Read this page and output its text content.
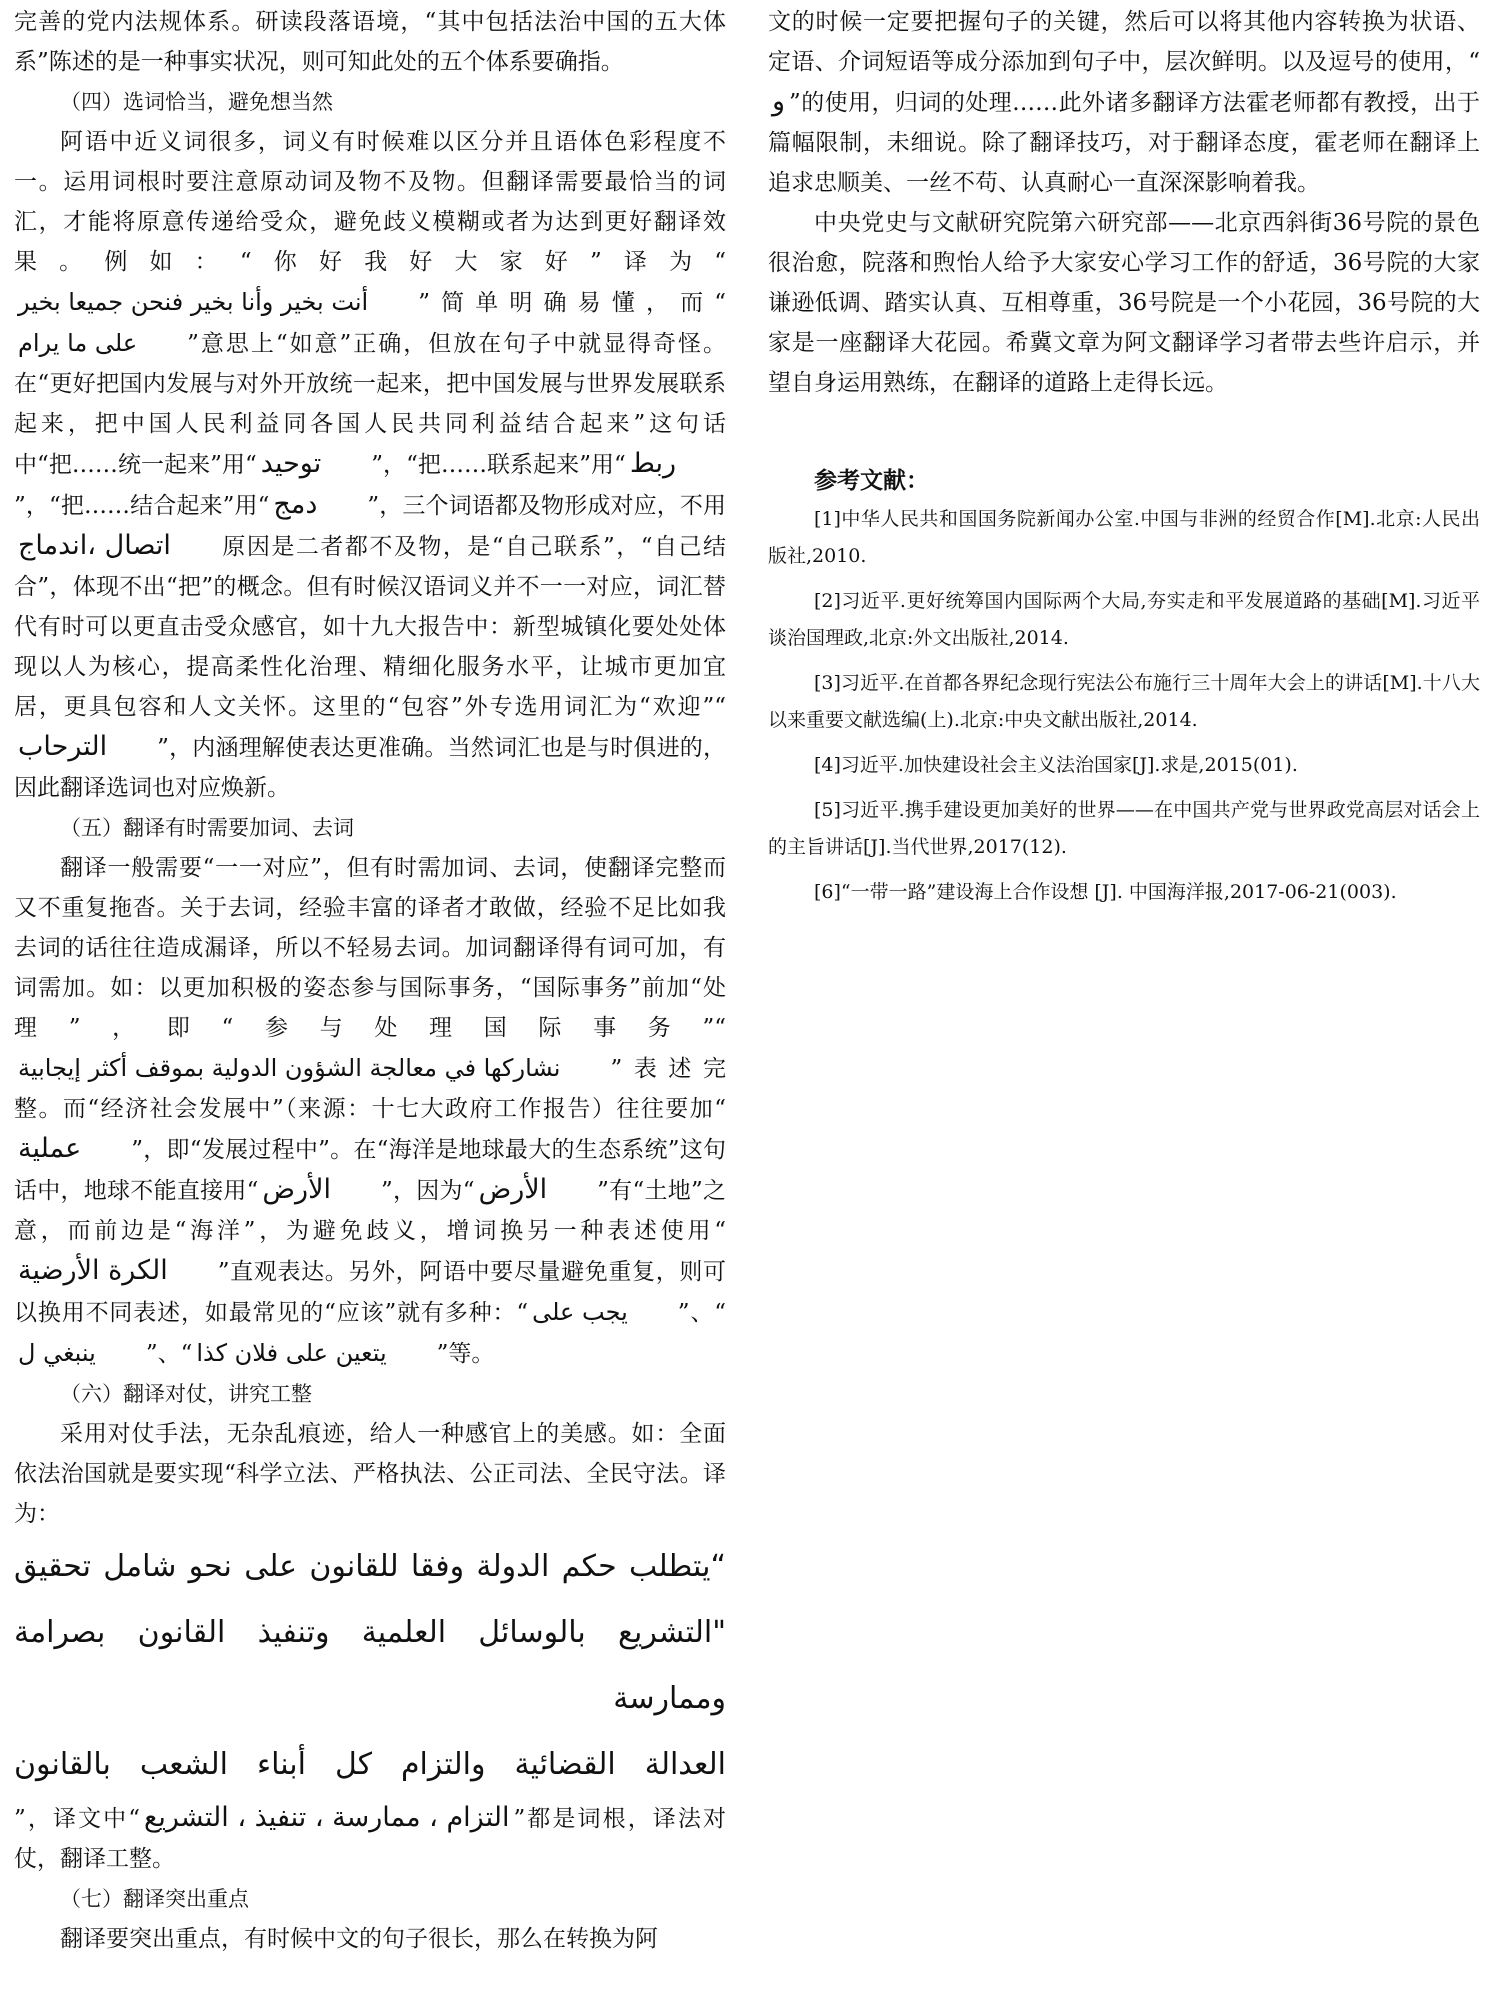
完善的党内法规体系。研读段落语境，“其中包括法治中国的五大体系”陈述的是一种事实状况，则可知此处的五个体系要确指。

（四）选词恰当，避免想当然

阿语中近义词很多，词义有时候难以区分并且语体色彩程度不一。运用词根时要注意原动词及物不及物。但翻译需要最恰当的词汇，才能将原意传递给受众，避免歧义模糊或者为达到更好翻译效果。例如：“你好我好大家好”译为“أنت بخير وأنا بخير فنحن جميعا بخير ”简单明确易懂，而“على ما يرام ”意思上“如意”正确，但放在句子中就显得奇怪。在“更好把国内发展与对外开放统一起来，把中国发展与世界发展联系起来，把中国人民利益同各国人民共同利益结合起来”这句话中“把……统一起来”用“ توحيد ”，“把……联系起来”用“ ربط”，“把……结合起来”用“ دمج ”，三个词语都及物形成对应，不用اتصال ،اندماج 原因是二者都不及物，是“自己联系”，“自己结合”，体现不出“把”的概念。但有时候汉语词义并不一一对应，词汇替代有时可以更直击受众感官，如十九大报告中：新型城镇化要处处体现以人为核心，提高柔性化治理、精细化服务水平，让城市更加宜居，更具包容和人文关怀。这里的“包容”外专选用词汇为“欢迎”“الترحاب ”，内涵理解使表达更准确。当然词汇也是与时俱进的，因此翻译选词也对应焕新。

（五）翻译有时需要加词、去词

翻译一般需要“一一对应”，但有时需加词、去词，使翻译完整而又不重复拖沓。关于去词，经验丰富的译者才敢做，经验不足比如我去词的话往往造成漏译，所以不轻易去词。加词翻译得有词可加，有词需加。如：以更加积极的姿态参与国际事务，“国际事务”前加“处理”，即“参与处理国际事务”“نشاركها في معالجة الشؤون الدولية بموقف أكثر إيجابية ”表述完整。而“经济社会发展中”（来源：十七大政府工作报告）往往要加“عملية ”，即“发展过程中”。在“海洋是地球最大的生态系统”这句话中，地球不能直接用“ الأرض ”，因为“ الأرض ”有“土地”之意，而前边是“海洋”，为避免歧义，增词换另一种表述使用“الكرة الأرضية ”直观表达。另外，阿语中要尽量避免重复，则可以换用不同表述，如最常见的“应该”就有多种：“ يجب على ”、“ينبغي ل ”、“ يتعين على فلان كذا ”等。

（六）翻译对仗，讲究工整

采用对仗手法，无杂乱痕迹，给人一种感官上的美感。如：全面依法治国就是要实现“科学立法、严格执法、公正司法、全民守法。译为：

“يتطلب حكم الدولة وفقا للقانون على نحو شامل تحقيق

"التشريع بالوسائل العلمية وتنفيذ القانون بصرامة وممارسة

العدالة القضائية والتزام كل أبناء الشعب بالقانون

”，译文中“ التزام ، ممارسة ، تنفيذ ، التشريع ”都是词根，译法对仗，翻译工整。

（七）翻译突出重点

翻译要突出重点，有时候中文的句子很长，那么在转换为阿

文的时候一定要把握句子的关键，然后可以将其他内容转换为状语、定语、介词短语等成分添加到句子中，层次鲜明。以及逗号的使用，“و ”的使用，归词的处理……此外诸多翻译方法霍老师都有教授，出于篇幅限制，未细说。除了翻译技巧，对于翻译态度，霍老师在翻译上追求忠顺美、一丝不苟、认真耐心一直深深影响着我。

中央党史与文献研究院第六研究部——北京西斜街36号院的景色很治愈，院落和煦怡人给予大家安心学习工作的舒适，36号院的大家谦逊低调、踏实认真、互相尊重，36号院是一个小花园，36号院的大家是一座翻译大花园。希冀文章为阿文翻译学习者带去些许启示，并望自身运用熟练，在翻译的道路上走得长远。

参考文献：

[1]中华人民共和国国务院新闻办公室.中国与非洲的经贸合作[M].北京:人民出版社,2010.

[2]习近平.更好统筹国内国际两个大局,夯实走和平发展道路的基础[M].习近平谈治国理政,北京:外文出版社,2014.

[3]习近平.在首都各界纪念现行宪法公布施行三十周年大会上的讲话[M].十八大以来重要文献选编(上).北京:中央文献出版社,2014.

[4]习近平.加快建设社会主义法治国家[J].求是,2015(01).

[5]习近平.携手建设更加美好的世界——在中国共产党与世界政党高层对话会上的主旨讲话[J].当代世界,2017(12).

[6]“一带一路”建设海上合作设想 [J]. 中国海洋报,2017-06-21(003).
